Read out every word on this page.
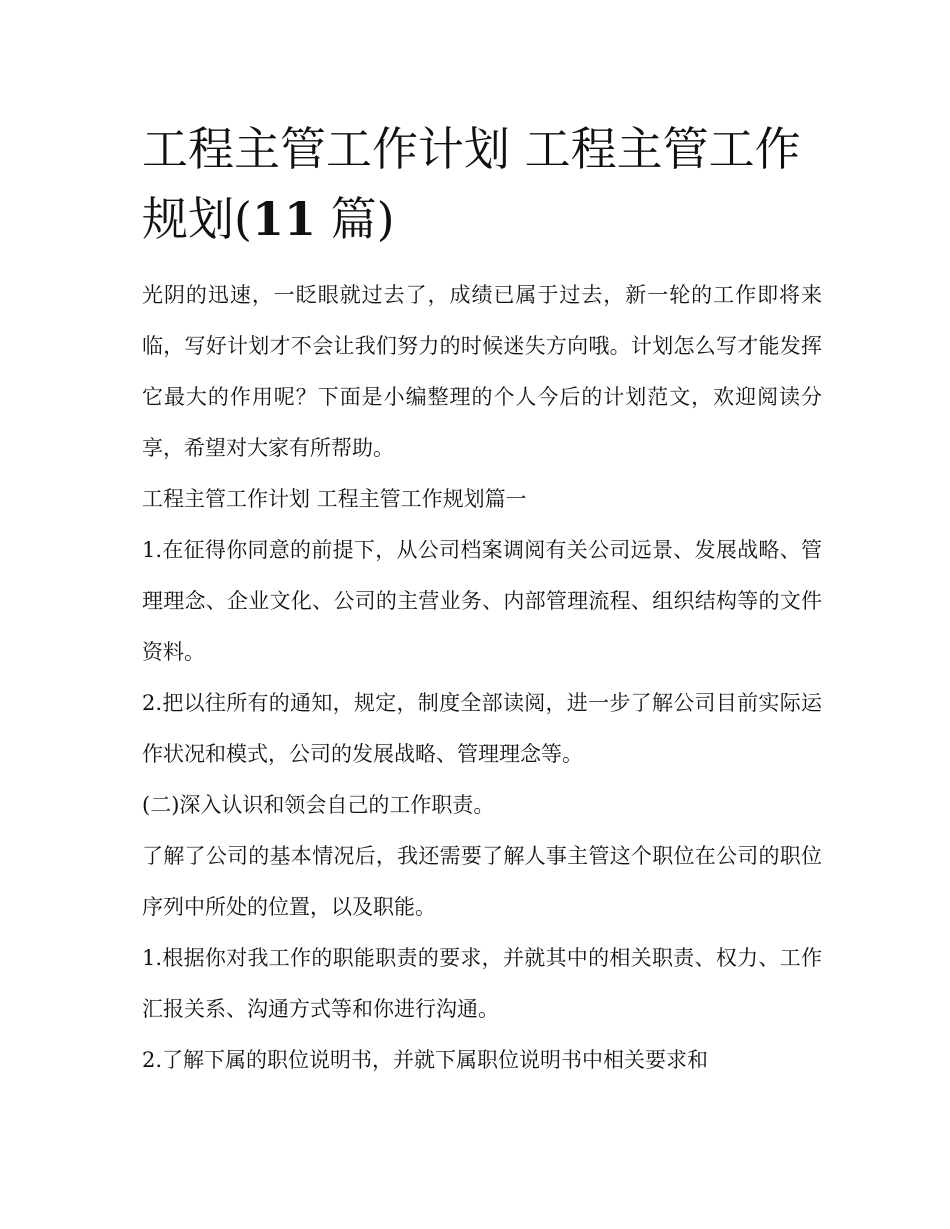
工程主管工作计划 工程主管工作规划(11 篇)

光阴的迅速，一眨眼就过去了，成绩已属于过去，新一轮的工作即将来临，写好计划才不会让我们努力的时候迷失方向哦。计划怎么写才能发挥它最大的作用呢？下面是小编整理的个人今后的计划范文，欢迎阅读分享，希望对大家有所帮助。

工程主管工作计划 工程主管工作规划篇一

1.在征得你同意的前提下，从公司档案调阅有关公司远景、发展战略、管理理念、企业文化、公司的主营业务、内部管理流程、组织结构等的文件资料。

2.把以往所有的通知，规定，制度全部读阅，进一步了解公司目前实际运作状况和模式，公司的发展战略、管理理念等。

(二)深入认识和领会自己的工作职责。

了解了公司的基本情况后，我还需要了解人事主管这个职位在公司的职位序列中所处的位置，以及职能。

1.根据你对我工作的职能职责的要求，并就其中的相关职责、权力、工作汇报关系、沟通方式等和你进行沟通。

2.了解下属的职位说明书，并就下属职位说明书中相关要求和
